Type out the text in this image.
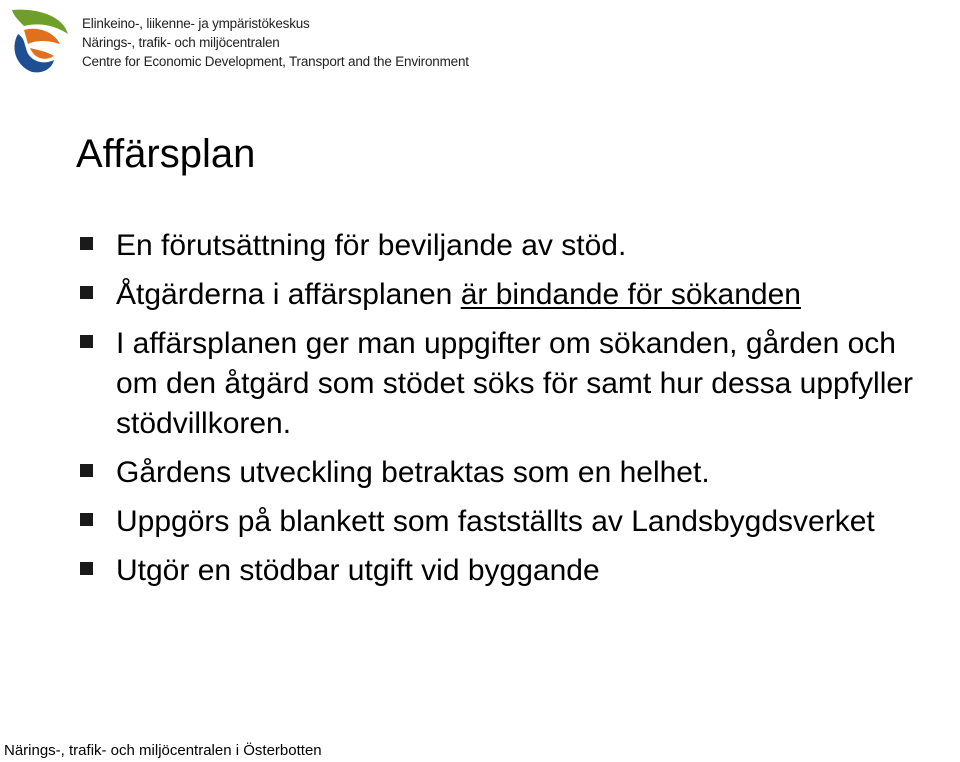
Elinkeino-, liikenne- ja ympäristökeskus
Närings-, trafik- och miljöcentralen
Centre for Economic Development, Transport and the Environment
Affärsplan
En förutsättning för beviljande av stöd.
Åtgärderna i affärsplanen är bindande för sökanden
I affärsplanen ger man uppgifter om sökanden, gården och om den åtgärd som stödet söks för samt hur dessa uppfyller stödvillkoren.
Gårdens utveckling betraktas som en helhet.
Uppgörs på blankett som fastställts av Landsbygdsverket
Utgör en stödbar utgift vid byggande
Närings-, trafik- och miljöcentralen i Österbotten
